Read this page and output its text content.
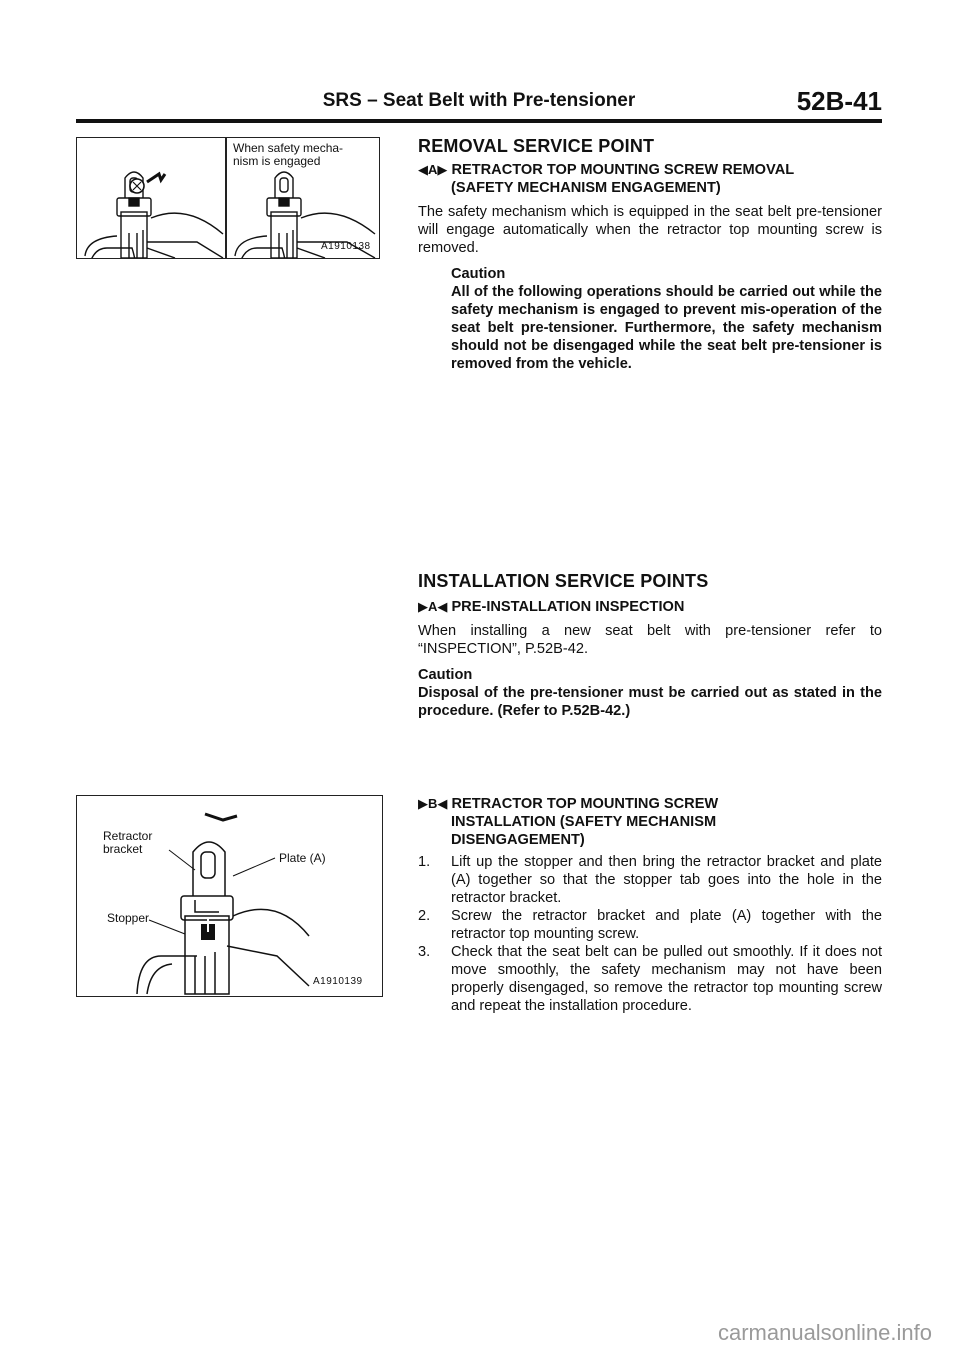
SRS – Seat Belt with Pre-tensioner	52B-41
When safety mecha-
nism is engaged
A1910138
REMOVAL SERVICE POINT
◀A▶ RETRACTOR TOP MOUNTING SCREW REMOVAL
(SAFETY MECHANISM ENGAGEMENT)
The safety mechanism which is equipped in the seat belt pre-tensioner will engage automatically when the retractor top mounting screw is removed.
Caution
All of the following operations should be carried out while the safety mechanism is engaged to prevent mis-operation of the seat belt pre-tensioner. Furthermore, the safety mechanism should not be disengaged while the seat belt pre-tensioner is removed from the vehicle.
INSTALLATION SERVICE POINTS
▶A◀ PRE-INSTALLATION INSPECTION
When installing a new seat belt with pre-tensioner refer to “INSPECTION”, P.52B-42.
Caution
Disposal of the pre-tensioner must be carried out as stated in the procedure. (Refer to P.52B-42.)
Retractor
bracket
Plate (A)
Stopper
A1910139
▶B◀ RETRACTOR TOP MOUNTING SCREW
INSTALLATION (SAFETY MECHANISM
DISENGAGEMENT)
1.	Lift up the stopper and then bring the retractor bracket and plate (A) together so that the stopper tab goes into the hole in the retractor bracket.
2.	Screw the retractor bracket and plate (A) together with the retractor top mounting screw.
3.	Check that the seat belt can be pulled out smoothly. If it does not move smoothly, the safety mechanism may not have been properly disengaged, so remove the retractor top mounting screw and repeat the installation procedure.
carmanualsonline.info
